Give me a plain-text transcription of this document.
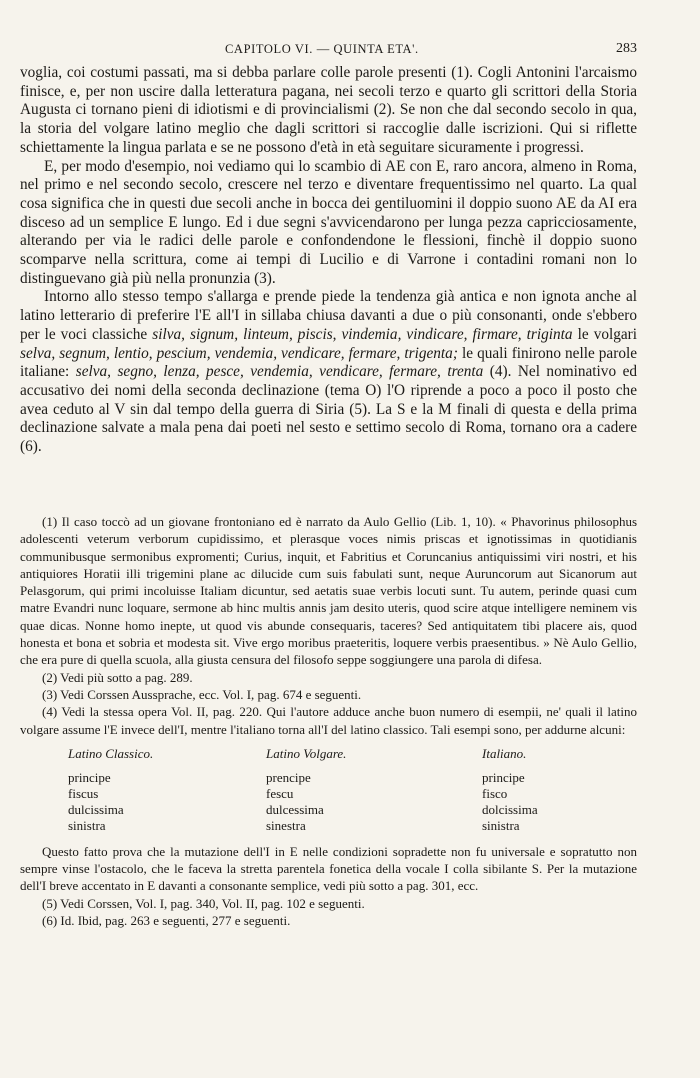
CAPITOLO VI. — QUINTA ETA'.	283

voglia, coi costumi passati, ma si debba parlare colle parole presenti (1). Cogli Antonini l'arcaismo finisce, e, per non uscire dalla letteratura pagana, nei secoli terzo e quarto gli scrittori della Storia Augusta ci tornano pieni di idiotismi e di provincialismi (2). Se non che dal secondo secolo in qua, la storia del volgare latino meglio che dagli scrittori si raccoglie dalle iscrizioni. Qui si riflette schiettamente la lingua parlata e se ne possono d'età in età seguitare sicuramente i progressi.

E, per modo d'esempio, noi vediamo qui lo scambio di AE con E, raro ancora, almeno in Roma, nel primo e nel secondo secolo, crescere nel terzo e diventare frequentissimo nel quarto. La qual cosa significa che in questi due secoli anche in bocca dei gentiluomini il doppio suono AE da AI era disceso ad un semplice E lungo. Ed i due segni s'avvicendarono per lunga pezza capricciosamente, alterando per via le radici delle parole e confondendone le flessioni, finchè il doppio suono scomparve nella scrittura, come ai tempi di Lucilio e di Varrone i contadini romani non lo distinguevano già più nella pronunzia (3).

Intorno allo stesso tempo s'allarga e prende piede la tendenza già antica e non ignota anche al latino letterario di preferire l'E all'I in sillaba chiusa davanti a due o più consonanti, onde s'ebbero per le voci classiche silva, signum, linteum, piscis, vindemia, vindicare, firmare, triginta le volgari selva, segnum, lentio, pescium, vendemia, vendicare, fermare, trigenta; le quali finirono nelle parole italiane: selva, segno, lenza, pesce, vendemia, vendicare, fermare, trenta (4). Nel nominativo ed accusativo dei nomi della seconda declinazione (tema O) l'O riprende a poco a poco il posto che avea ceduto al V sin dal tempo della guerra di Siria (5). La S e la M finali di questa e della prima declinazione salvate a mala pena dai poeti nel sesto e settimo secolo di Roma, tornano ora a cadere (6).

(1) Il caso toccò ad un giovane frontoniano ed è narrato da Aulo Gellio (Lib. 1, 10). « Phavorinus philosophus adolescenti veterum verborum cupidissimo, et plerasque voces nimis priscas et ignotissimas in quotidianis communibusque sermonibus expromenti; Curius, inquit, et Fabritius et Coruncanius antiquissimi viri nostri, et his antiquiores Horatii illi trigemini plane ac dilucide cum suis fabulati sunt, neque Auruncorum aut Sicanorum aut Pelasgorum, qui primi incoluisse Italiam dicuntur, sed aetatis suae verbis locuti sunt. Tu autem, perinde quasi cum matre Evandri nunc loquare, sermone ab hinc multis annis jam desito uteris, quod scire atque intelligere neminem vis quae dicas. Nonne homo inepte, ut quod vis abunde consequaris, taceres? Sed antiquitatem tibi placere ais, quod honesta et bona et sobria et modesta sit. Vive ergo moribus praeteritis, loquere verbis praesentibus. » Nè Aulo Gellio, che era pure di quella scuola, alla giusta censura del filosofo seppe soggiungere una parola di difesa.

(2) Vedi più sotto a pag. 289.

(3) Vedi Corssen Aussprache, ecc. Vol. I, pag. 674 e seguenti.

(4) Vedi la stessa opera Vol. II, pag. 220. Qui l'autore adduce anche buon numero di esempii, ne' quali il latino volgare assume l'E invece dell'I, mentre l'italiano torna all'I del latino classico. Tali esempi sono, per addurne alcuni:

Latino Classico.	Latino Volgare.	Italiano.
principe	prencipe	principe
fiscus	fescu	fisco
dulcissima	dulcessima	dolcissima
sinistra	sinestra	sinistra

Questo fatto prova che la mutazione dell'I in E nelle condizioni sopradette non fu universale e sopratutto non sempre vinse l'ostacolo, che le faceva la stretta parentela fonetica della vocale I colla sibilante S. Per la mutazione dell'I breve accentato in E davanti a consonante semplice, vedi più sotto a pag. 301, ecc.

(5) Vedi Corssen, Vol. I, pag. 340, Vol. II, pag. 102 e seguenti.

(6) Id. Ibid, pag. 263 e seguenti, 277 e seguenti.
